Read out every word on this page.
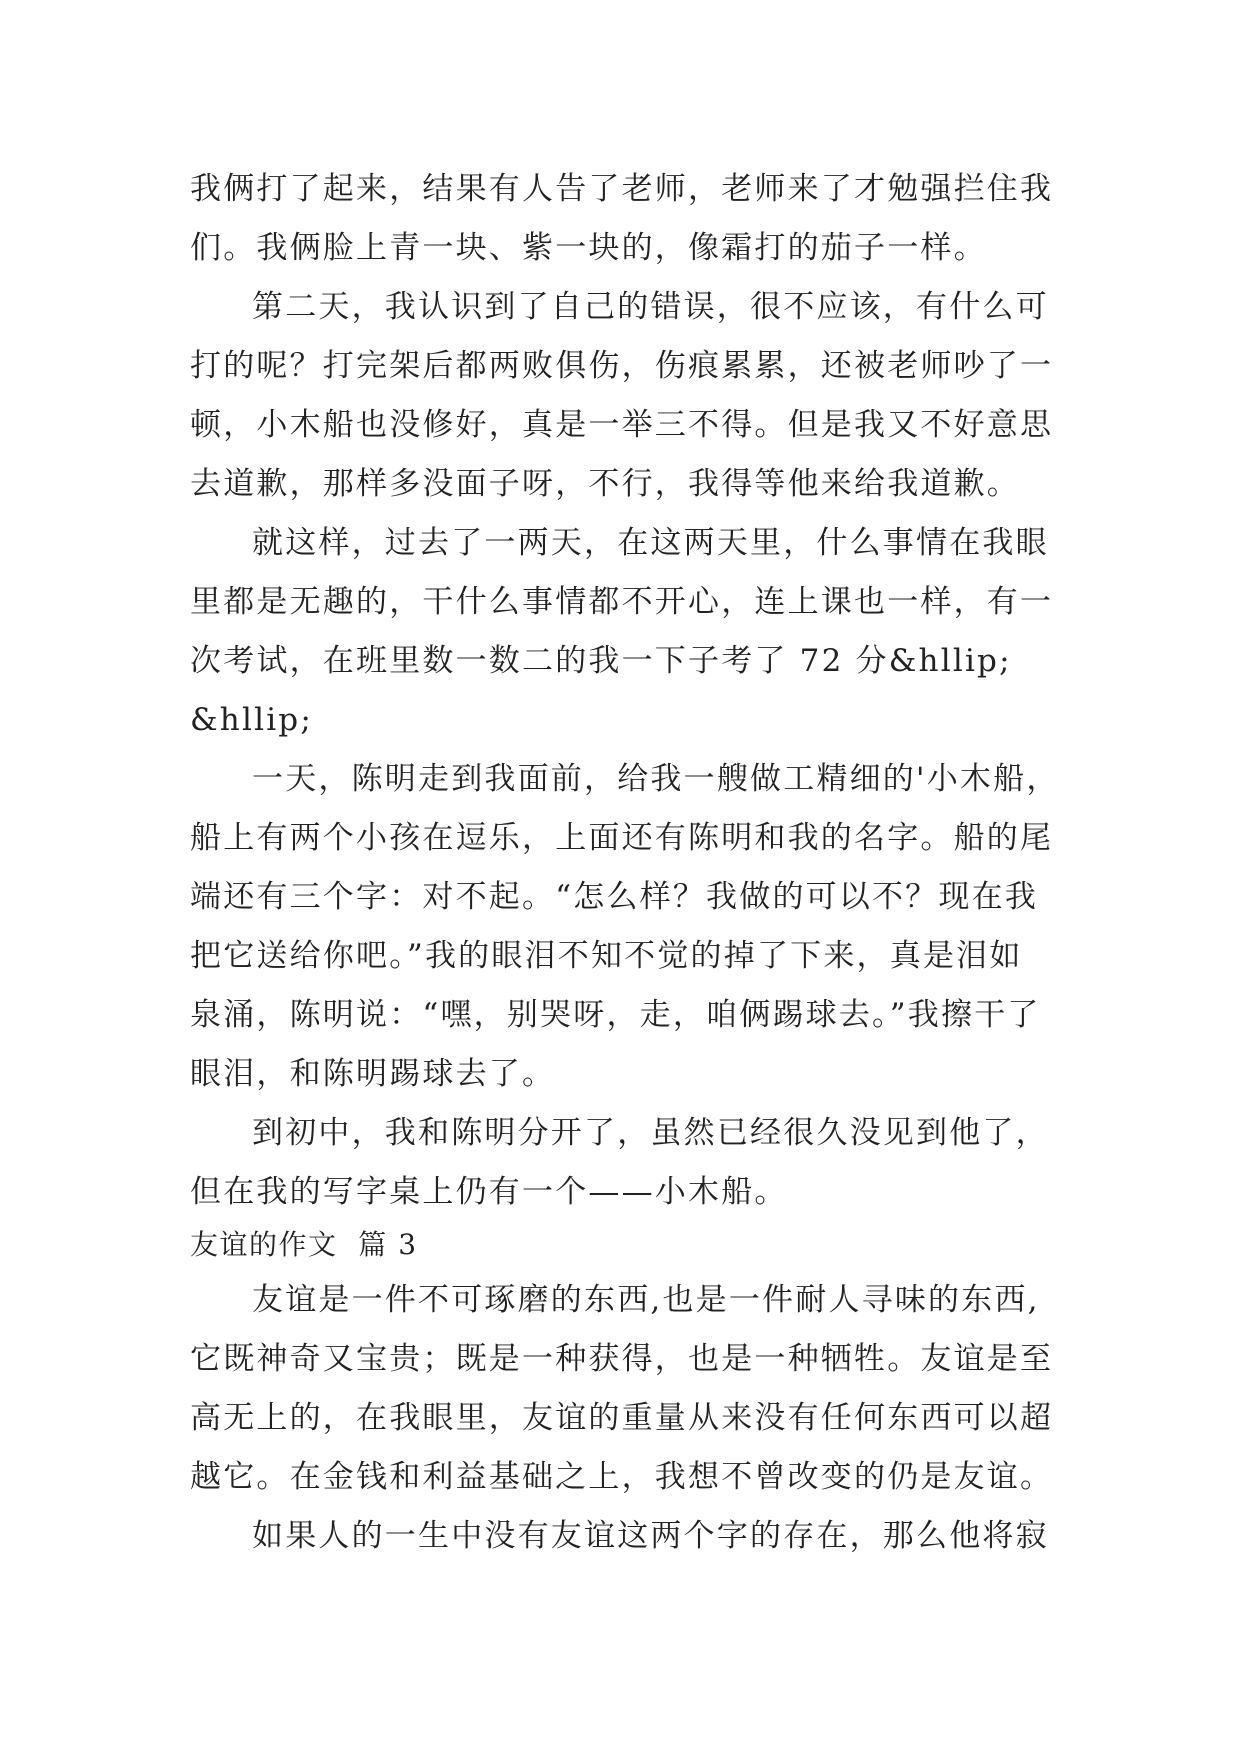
我俩打了起来，结果有人告了老师，老师来了才勉强拦住我
们。我俩脸上青一块、紫一块的，像霜打的茄子一样。
第二天，我认识到了自己的错误，很不应该，有什么可
打的呢？打完架后都两败俱伤，伤痕累累，还被老师吵了一
顿，小木船也没修好，真是一举三不得。但是我又不好意思
去道歉，那样多没面子呀，不行，我得等他来给我道歉。
就这样，过去了一两天，在这两天里，什么事情在我眼
里都是无趣的，干什么事情都不开心，连上课也一样，有一
次考试，在班里数一数二的我一下子考了 72 分&hllip;
&hllip;
一天，陈明走到我面前，给我一艘做工精细的'小木船，
船上有两个小孩在逗乐，上面还有陈明和我的名字。船的尾
端还有三个字：对不起。“怎么样？我做的可以不？现在我
把它送给你吧。”我的眼泪不知不觉的掉了下来，真是泪如
泉涌，陈明说：“嘿，别哭呀，走，咱俩踢球去。”我擦干了
眼泪，和陈明踢球去了。
到初中，我和陈明分开了，虽然已经很久没见到他了，
但在我的写字桌上仍有一个——小木船。
友谊的作文  篇 3
友谊是一件不可琢磨的东西,也是一件耐人寻味的东西,
它既神奇又宝贵；既是一种获得，也是一种牺牲。友谊是至
高无上的，在我眼里，友谊的重量从来没有任何东西可以超
越它。在金钱和利益基础之上，我想不曾改变的仍是友谊。
如果人的一生中没有友谊这两个字的存在，那么他将寂
